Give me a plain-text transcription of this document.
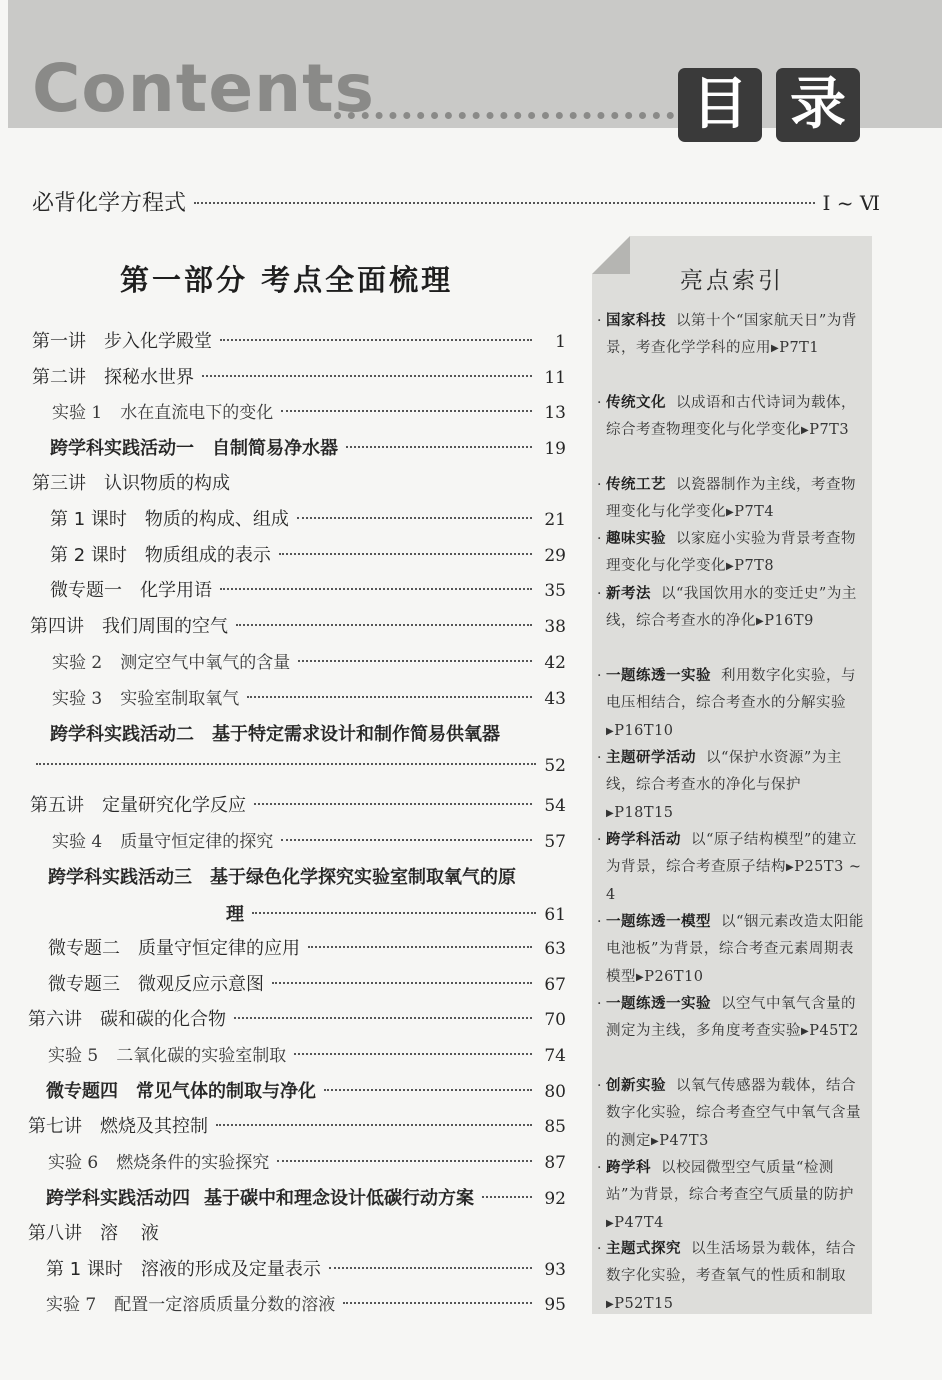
Contents	目 录
必背化学方程式	Ⅰ ~ Ⅵ
第一部分 考点全面梳理
第一讲 步入化学殿堂	1
第二讲 探秘水世界	11
实验 1 水在直流电下的变化	13
跨学科实践活动一 自制简易净水器	19
第三讲 认识物质的构成
第 1 课时 物质的构成、组成	21
第 2 课时 物质组成的表示	29
微专题一 化学用语	35
第四讲 我们周围的空气	38
实验 2 测定空气中氧气的含量	42
实验 3 实验室制取氧气	43
跨学科实践活动二 基于特定需求设计和制作简易供氧器
52
第五讲 定量研究化学反应	54
实验 4 质量守恒定律的探究	57
跨学科实践活动三 基于绿色化学探究实验室制取氧气的原
理	61
微专题二 质量守恒定律的应用	63
微专题三 微观反应示意图	67
第六讲 碳和碳的化合物	70
实验 5 二氧化碳的实验室制取	74
微专题四 常见气体的制取与净化	80
第七讲 燃烧及其控制	85
实验 6 燃烧条件的实验探究	87
跨学科实践活动四 基于碳中和理念设计低碳行动方案	92
第八讲 溶    液
第 1 课时 溶液的形成及定量表示	93
实验 7 配置一定溶质质量分数的溶液	95
亮点索引
· 国家科技 以第十个“国家航天日”为背景，考查化学学科的应用▶P7T1
· 传统文化 以成语和古代诗词为载体，综合考查物理变化与化学变化▶P7T3
· 传统工艺 以瓷器制作为主线，考查物理变化与化学变化▶P7T4
· 趣味实验 以家庭小实验为背景考查物理变化与化学变化▶P7T8
· 新考法 以“我国饮用水的变迁史”为主线，综合考查水的净化▶P16T9
· 一题练透一实验 利用数字化实验，与电压相结合，综合考查水的分解实验▶P16T10
· 主题研学活动 以“保护水资源”为主线，综合考查水的净化与保护▶P18T15
· 跨学科活动 以“原子结构模型”的建立为背景，综合考查原子结构▶P25T3 ~ 4
· 一题练透一模型 以“铟元素改造太阳能电池板”为背景，综合考查元素周期表模型▶P26T10
· 一题练透一实验 以空气中氧气含量的测定为主线，多角度考查实验▶P45T2
· 创新实验 以氧气传感器为载体，结合数字化实验，综合考查空气中氧气含量的测定▶P47T3
· 跨学科 以校园微型空气质量“检测站”为背景，综合考查空气质量的防护▶P47T4
· 主题式探究 以生活场景为载体，结合数字化实验，考查氧气的性质和制取▶P52T15
